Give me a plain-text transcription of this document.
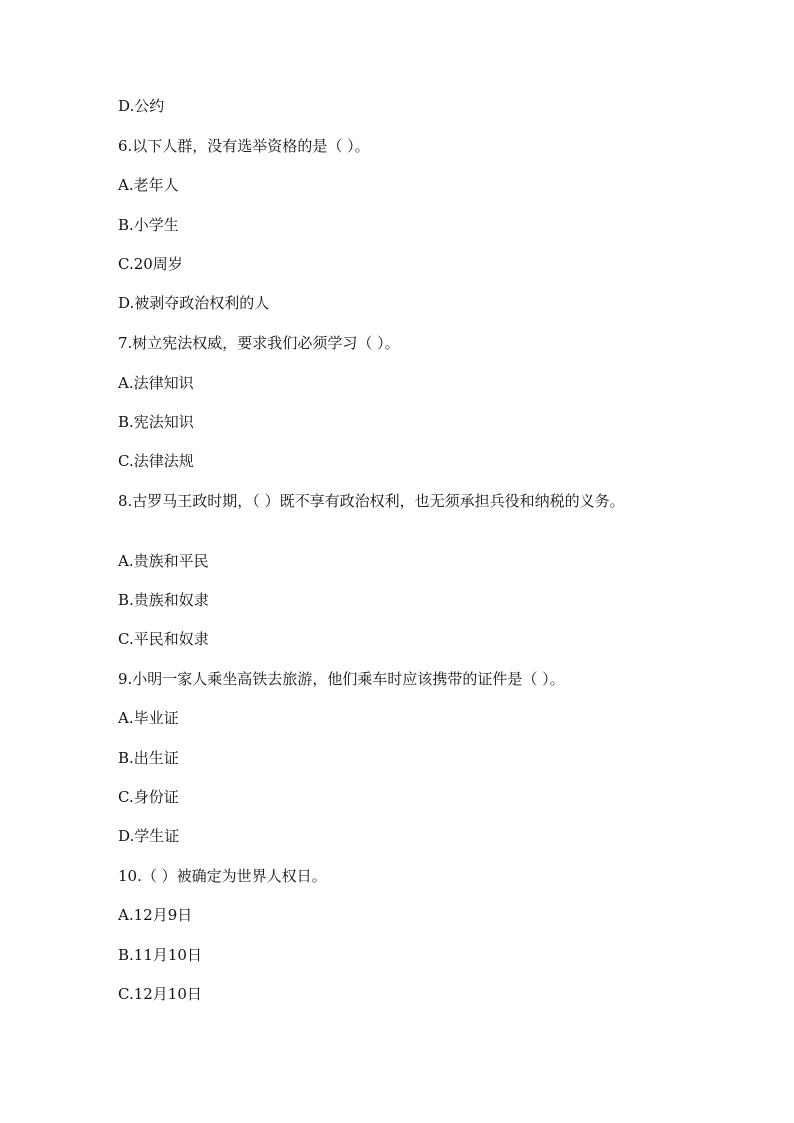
D.公约
6.以下人群，没有选举资格的是（ ）。
A.老年人
B.小学生
C.20周岁
D.被剥夺政治权利的人
7.树立宪法权威，要求我们必须学习（ ）。
A.法律知识
B.宪法知识
C.法律法规
8.古罗马王政时期，（ ）既不享有政治权利，也无须承担兵役和纳税的义务。
A.贵族和平民
B.贵族和奴隶
C.平民和奴隶
9.小明一家人乘坐高铁去旅游，他们乘车时应该携带的证件是（ ）。
A.毕业证
B.出生证
C.身份证
D.学生证
10.（ ）被确定为世界人权日。
A.12月9日
B.11月10日
C.12月10日
